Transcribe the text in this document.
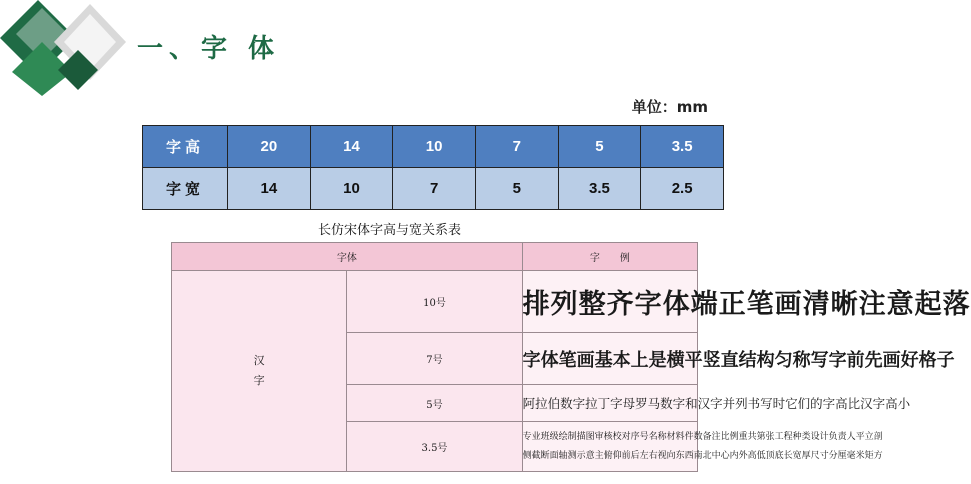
一、字 体
单位：mm
字高	20	14	10	7	5	3.5
字宽	14	10	7	5	3.5	2.5
长仿宋体字高与宽关系表
字体		字　　例
汉字	10号	排列整齐字体端正笔画清晰注意起落
	7号	字体笔画基本上是横平竖直结构匀称写字前先画好格子
	5号	阿拉伯数字拉丁字母罗马数字和汉字并列书写时它们的字高比汉字高小
	3.5号	专业班级绘制描图审核校对序号名称材料件数备注比例重共第张工程种类设计负责人平立剖
侧截断面轴测示意主俯仰前后左右视向东西南北中心内外高低顶底长宽厚尺寸分厘毫米矩方
